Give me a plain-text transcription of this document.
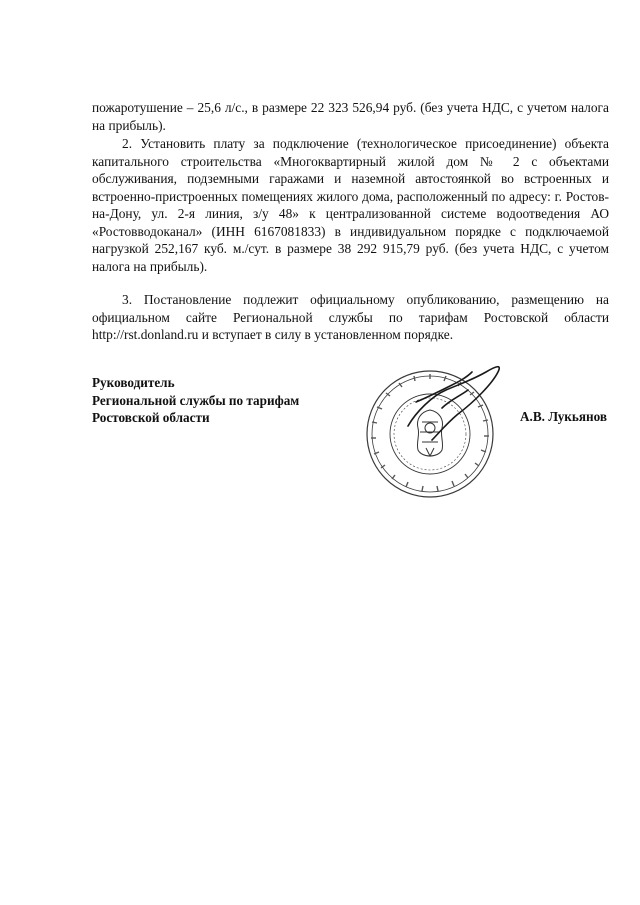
пожаротушение – 25,6 л/с., в размере 22 323 526,94 руб. (без учета НДС, с учетом налога на прибыль).

2. Установить плату за подключение (технологическое присоединение) объекта капитального строительства «Многоквартирный жилой дом № 2 с объектами обслуживания, подземными гаражами и наземной автостоянкой во встроенных и встроенно-пристроенных помещениях жилого дома, расположенный по адресу: г. Ростов-на-Дону, ул. 2-я линия, з/у 48» к централизованной системе водоотведения АО «Ростовводоканал» (ИНН 6167081833) в индивидуальном порядке с подключаемой нагрузкой 252,167 куб. м./сут. в размере 38 292 915,79 руб. (без учета НДС, с учетом налога на прибыль).

3. Постановление подлежит официальному опубликованию, размещению на официальном сайте Региональной службы по тарифам Ростовской области http://rst.donland.ru и вступает в силу в установленном порядке.

Руководитель
Региональной службы по тарифам
Ростовской области	А.В. Лукьянов
